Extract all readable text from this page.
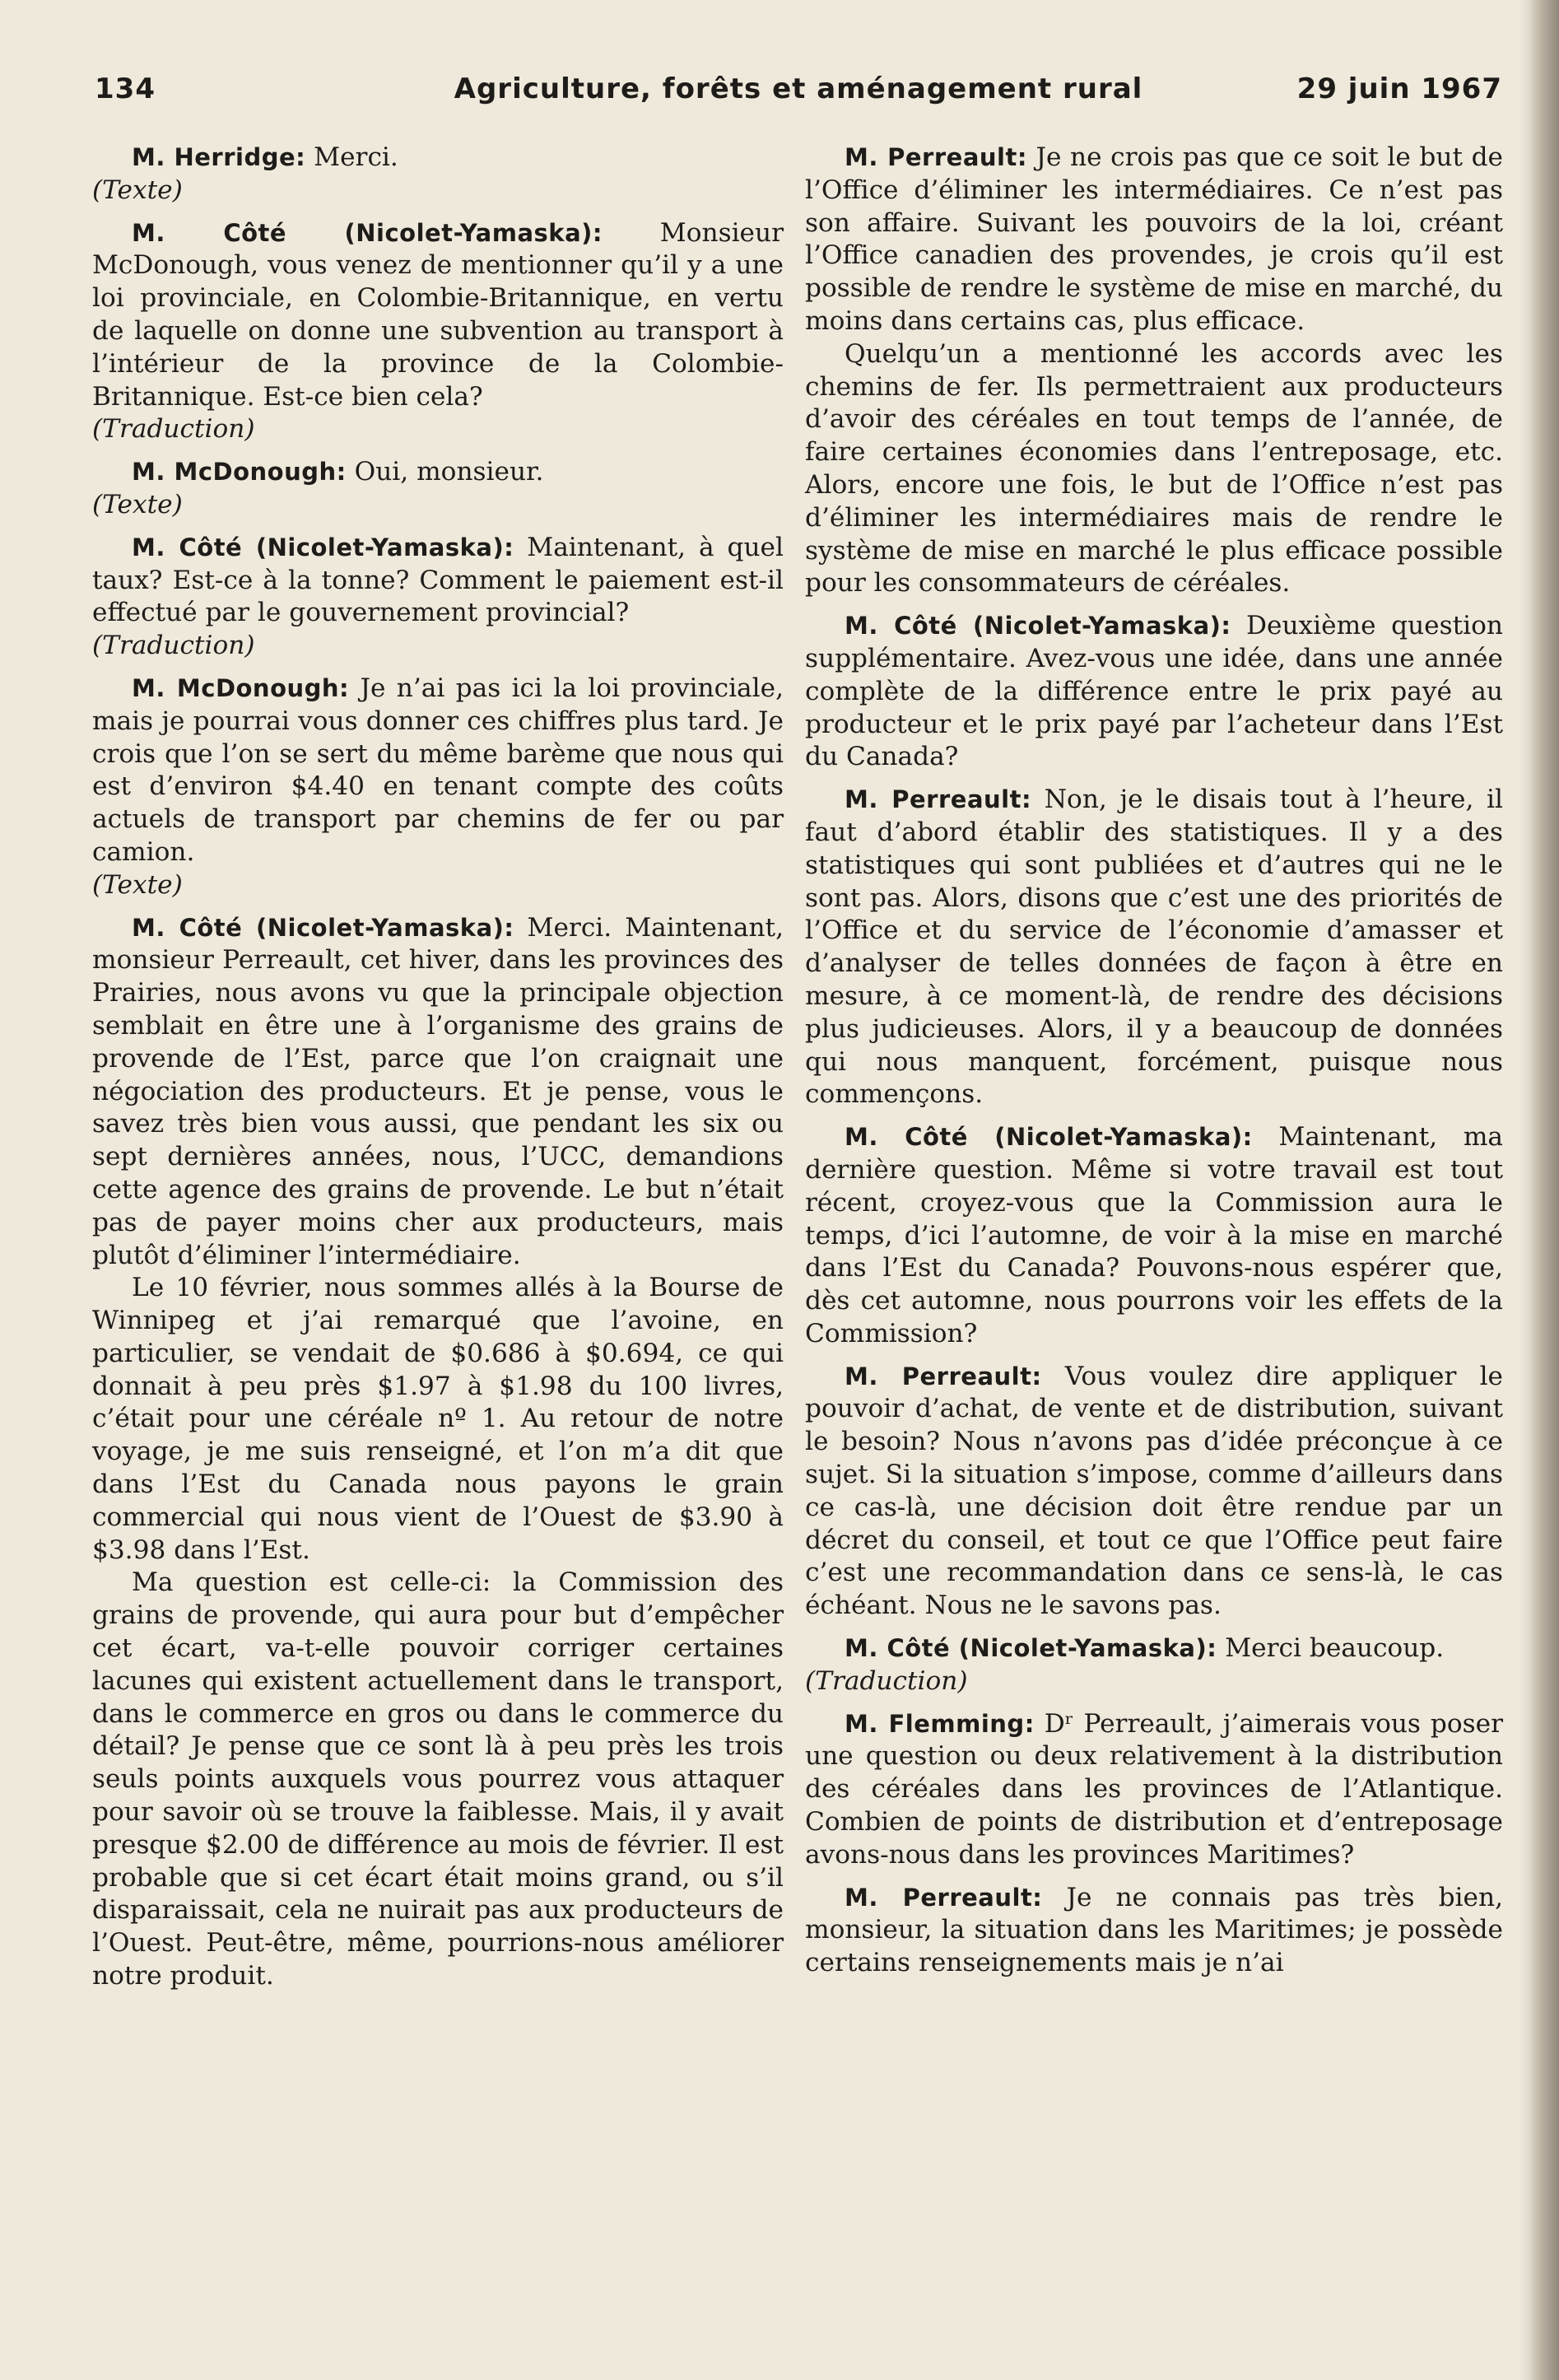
134	Agriculture, forêts et aménagement rural	29 juin 1967

M. Herridge: Merci.

(Texte)

M. Côté (Nicolet-Yamaska): Monsieur McDonough, vous venez de mentionner qu’il y a une loi provinciale, en Colombie-Britannique, en vertu de laquelle on donne une subvention au transport à l’intérieur de la province de la Colombie-Britannique. Est-ce bien cela?

(Traduction)

M. McDonough: Oui, monsieur.

(Texte)

M. Côté (Nicolet-Yamaska): Maintenant, à quel taux? Est-ce à la tonne? Comment le paiement est-il effectué par le gouvernement provincial?

(Traduction)

M. McDonough: Je n’ai pas ici la loi provinciale, mais je pourrai vous donner ces chiffres plus tard. Je crois que l’on se sert du même barème que nous qui est d’environ $4.40 en tenant compte des coûts actuels de transport par chemins de fer ou par camion.

(Texte)

M. Côté (Nicolet-Yamaska): Merci. Maintenant, monsieur Perreault, cet hiver, dans les provinces des Prairies, nous avons vu que la principale objection semblait en être une à l’organisme des grains de provende de l’Est, parce que l’on craignait une négociation des producteurs. Et je pense, vous le savez très bien vous aussi, que pendant les six ou sept dernières années, nous, l’UCC, demandions cette agence des grains de provende. Le but n’était pas de payer moins cher aux producteurs, mais plutôt d’éliminer l’intermédiaire.

Le 10 février, nous sommes allés à la Bourse de Winnipeg et j’ai remarqué que l’avoine, en particulier, se vendait de $0.686 à $0.694, ce qui donnait à peu près $1.97 à $1.98 du 100 livres, c’était pour une céréale nº 1. Au retour de notre voyage, je me suis renseigné, et l’on m’a dit que dans l’Est du Canada nous payons le grain commercial qui nous vient de l’Ouest de $3.90 à $3.98 dans l’Est.

Ma question est celle-ci: la Commission des grains de provende, qui aura pour but d’empêcher cet écart, va-t-elle pouvoir corriger certaines lacunes qui existent actuellement dans le transport, dans le commerce en gros ou dans le commerce du détail? Je pense que ce sont là à peu près les trois seuls points auxquels vous pourrez vous attaquer pour savoir où se trouve la faiblesse. Mais, il y avait presque $2.00 de différence au mois de février. Il est probable que si cet écart était moins grand, ou s’il disparaissait, cela ne nuirait pas aux producteurs de l’Ouest. Peut-être, même, pourrions-nous améliorer notre produit.

M. Perreault: Je ne crois pas que ce soit le but de l’Office d’éliminer les intermédiaires. Ce n’est pas son affaire. Suivant les pouvoirs de la loi, créant l’Office canadien des provendes, je crois qu’il est possible de rendre le système de mise en marché, du moins dans certains cas, plus efficace.

Quelqu’un a mentionné les accords avec les chemins de fer. Ils permettraient aux producteurs d’avoir des céréales en tout temps de l’année, de faire certaines économies dans l’entreposage, etc. Alors, encore une fois, le but de l’Office n’est pas d’éliminer les intermédiaires mais de rendre le système de mise en marché le plus efficace possible pour les consommateurs de céréales.

M. Côté (Nicolet-Yamaska): Deuxième question supplémentaire. Avez-vous une idée, dans une année complète de la différence entre le prix payé au producteur et le prix payé par l’acheteur dans l’Est du Canada?

M. Perreault: Non, je le disais tout à l’heure, il faut d’abord établir des statistiques. Il y a des statistiques qui sont publiées et d’autres qui ne le sont pas. Alors, disons que c’est une des priorités de l’Office et du service de l’économie d’amasser et d’analyser de telles données de façon à être en mesure, à ce moment-là, de rendre des décisions plus judicieuses. Alors, il y a beaucoup de données qui nous manquent, forcément, puisque nous commençons.

M. Côté (Nicolet-Yamaska): Maintenant, ma dernière question. Même si votre travail est tout récent, croyez-vous que la Commission aura le temps, d’ici l’automne, de voir à la mise en marché dans l’Est du Canada? Pouvons-nous espérer que, dès cet automne, nous pourrons voir les effets de la Commission?

M. Perreault: Vous voulez dire appliquer le pouvoir d’achat, de vente et de distribution, suivant le besoin? Nous n’avons pas d’idée préconçue à ce sujet. Si la situation s’impose, comme d’ailleurs dans ce cas-là, une décision doit être rendue par un décret du conseil, et tout ce que l’Office peut faire c’est une recommandation dans ce sens-là, le cas échéant. Nous ne le savons pas.

M. Côté (Nicolet-Yamaska): Merci beaucoup.

(Traduction)

M. Flemming: Dʳ Perreault, j’aimerais vous poser une question ou deux relativement à la distribution des céréales dans les provinces de l’Atlantique. Combien de points de distribution et d’entreposage avons-nous dans les provinces Maritimes?

M. Perreault: Je ne connais pas très bien, monsieur, la situation dans les Maritimes; je possède certains renseignements mais je n’ai
